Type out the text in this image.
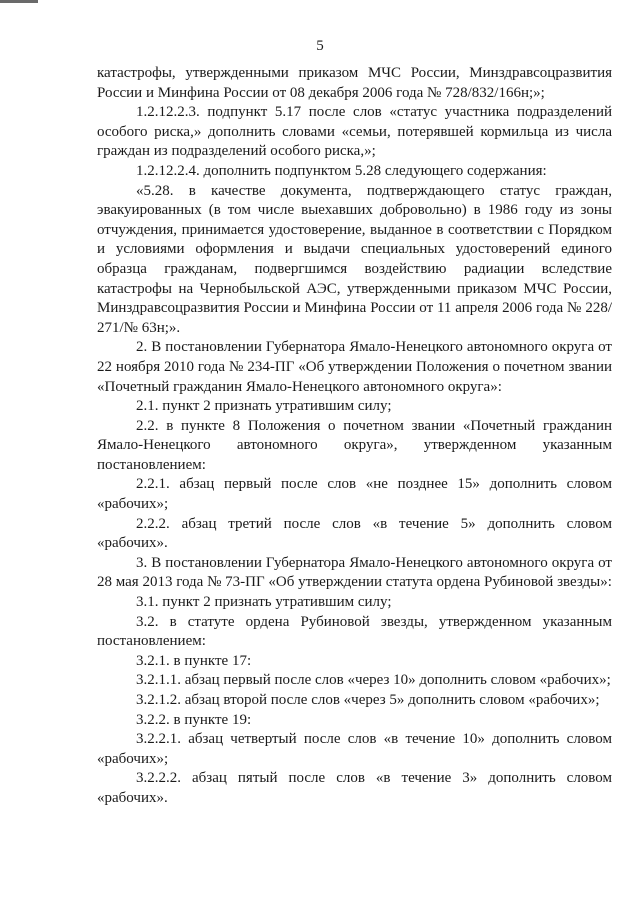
5

катастрофы, утвержденными приказом МЧС России, Минздравсоцразвития России и Минфина России от 08 декабря 2006 года № 728/832/166н;»;

1.2.12.2.3. подпункт 5.17 после слов «статус участника подразделений особого риска,» дополнить словами «семьи, потерявшей кормильца из числа граждан из подразделений особого риска,»;

1.2.12.2.4. дополнить подпунктом 5.28 следующего содержания:

«5.28. в качестве документа, подтверждающего статус граждан, эвакуированных (в том числе выехавших добровольно) в 1986 году из зоны отчуждения, принимается удостоверение, выданное в соответствии с Порядком и условиями оформления и выдачи специальных удостоверений единого образца гражданам, подвергшимся воздействию радиации вследствие катастрофы на Чернобыльской АЭС, утвержденными приказом МЧС России, Минздравсоцразвития России и Минфина России от 11 апреля 2006 года № 228/ 271/№ 63н;».

2. В постановлении Губернатора Ямало-Ненецкого автономного округа от 22 ноября 2010 года № 234-ПГ «Об утверждении Положения о почетном звании «Почетный гражданин Ямало-Ненецкого автономного округа»:

2.1. пункт 2 признать утратившим силу;

2.2. в пункте 8 Положения о почетном звании «Почетный гражданин Ямало-Ненецкого автономного округа», утвержденном указанным постановлением:

2.2.1. абзац первый после слов «не позднее 15» дополнить словом «рабочих»;

2.2.2. абзац третий после слов «в течение 5» дополнить словом «рабочих».

3. В постановлении Губернатора Ямало-Ненецкого автономного округа от 28 мая 2013 года № 73-ПГ «Об утверждении статута ордена Рубиновой звезды»:

3.1. пункт 2 признать утратившим силу;

3.2. в статуте ордена Рубиновой звезды, утвержденном указанным постановлением:

3.2.1. в пункте 17:

3.2.1.1. абзац первый после слов «через 10» дополнить словом «рабочих»;

3.2.1.2. абзац второй после слов «через 5» дополнить словом «рабочих»;

3.2.2. в пункте 19:

3.2.2.1. абзац четвертый после слов «в течение 10» дополнить словом «рабочих»;

3.2.2.2. абзац пятый после слов «в течение 3» дополнить словом «рабочих».
